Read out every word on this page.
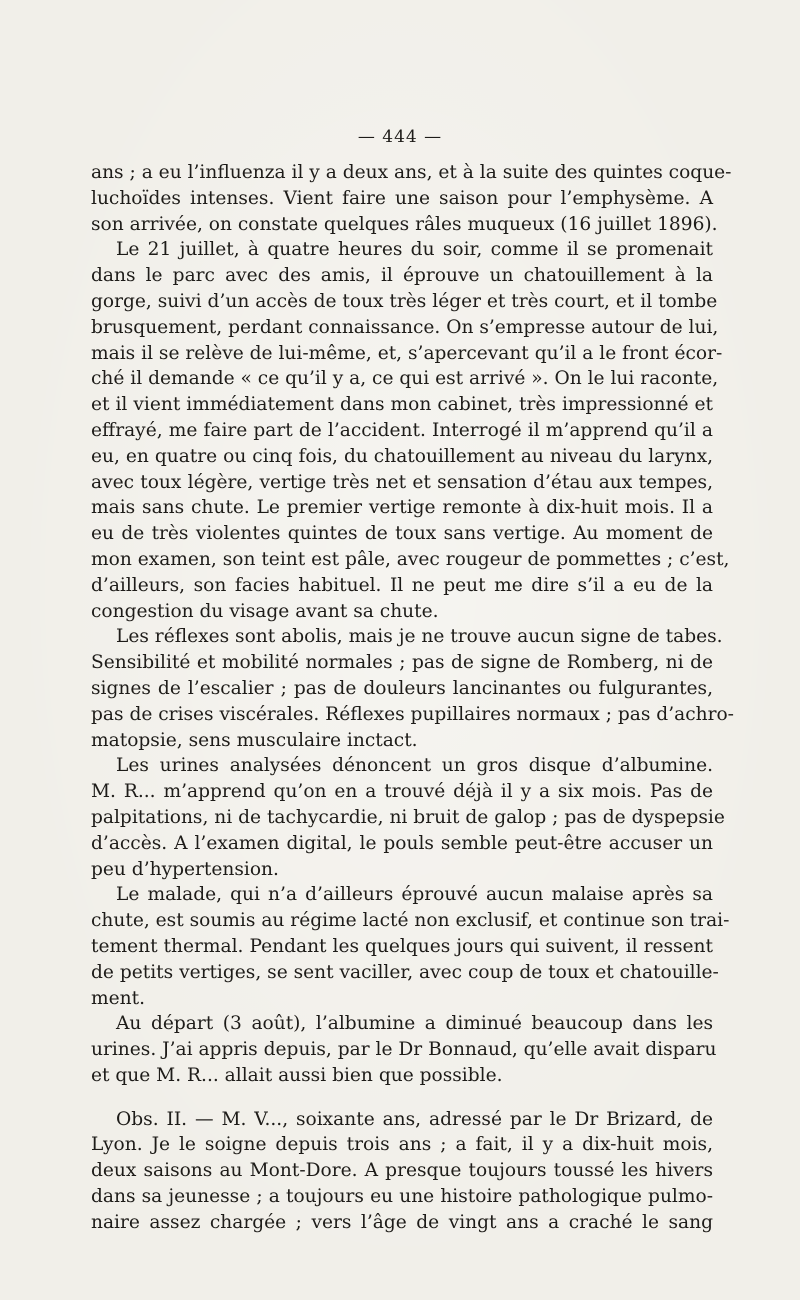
— 444 —
ans ; a eu l’influenza il y a deux ans, et à la suite des quintes coque-
luchoïdes intenses. Vient faire une saison pour l’emphysème. A
son arrivée, on constate quelques râles muqueux (16 juillet 1896).
Le 21 juillet, à quatre heures du soir, comme il se promenait
dans le parc avec des amis, il éprouve un chatouillement à la
gorge, suivi d’un accès de toux très léger et très court, et il tombe
brusquement, perdant connaissance. On s’empresse autour de lui,
mais il se relève de lui-même, et, s’apercevant qu’il a le front écor-
ché il demande « ce qu’il y a, ce qui est arrivé ». On le lui raconte,
et il vient immédiatement dans mon cabinet, très impressionné et
effrayé, me faire part de l’accident. Interrogé il m’apprend qu’il a
eu, en quatre ou cinq fois, du chatouillement au niveau du larynx,
avec toux légère, vertige très net et sensation d’étau aux tempes,
mais sans chute. Le premier vertige remonte à dix-huit mois. Il a
eu de très violentes quintes de toux sans vertige. Au moment de
mon examen, son teint est pâle, avec rougeur de pommettes ; c’est,
d’ailleurs, son facies habituel. Il ne peut me dire s’il a eu de la
congestion du visage avant sa chute.
Les réflexes sont abolis, mais je ne trouve aucun signe de tabes.
Sensibilité et mobilité normales ; pas de signe de Romberg, ni de
signes de l’escalier ; pas de douleurs lancinantes ou fulgurantes,
pas de crises viscérales. Réflexes pupillaires normaux ; pas d’achro-
matopsie, sens musculaire inctact.
Les urines analysées dénoncent un gros disque d’albumine.
M. R... m’apprend qu’on en a trouvé déjà il y a six mois. Pas de
palpitations, ni de tachycardie, ni bruit de galop ; pas de dyspepsie
d’accès. A l’examen digital, le pouls semble peut-être accuser un
peu d’hypertension.
Le malade, qui n’a d’ailleurs éprouvé aucun malaise après sa
chute, est soumis au régime lacté non exclusif, et continue son trai-
tement thermal. Pendant les quelques jours qui suivent, il ressent
de petits vertiges, se sent vaciller, avec coup de toux et chatouille-
ment.
Au départ (3 août), l’albumine a diminué beaucoup dans les
urines. J’ai appris depuis, par le Dr Bonnaud, qu’elle avait disparu
et que M. R... allait aussi bien que possible.
Obs. II. — M. V..., soixante ans, adressé par le Dr Brizard, de
Lyon. Je le soigne depuis trois ans ; a fait, il y a dix-huit mois,
deux saisons au Mont-Dore. A presque toujours toussé les hivers
dans sa jeunesse ; a toujours eu une histoire pathologique pulmo-
naire assez chargée ; vers l’âge de vingt ans a craché le sang
